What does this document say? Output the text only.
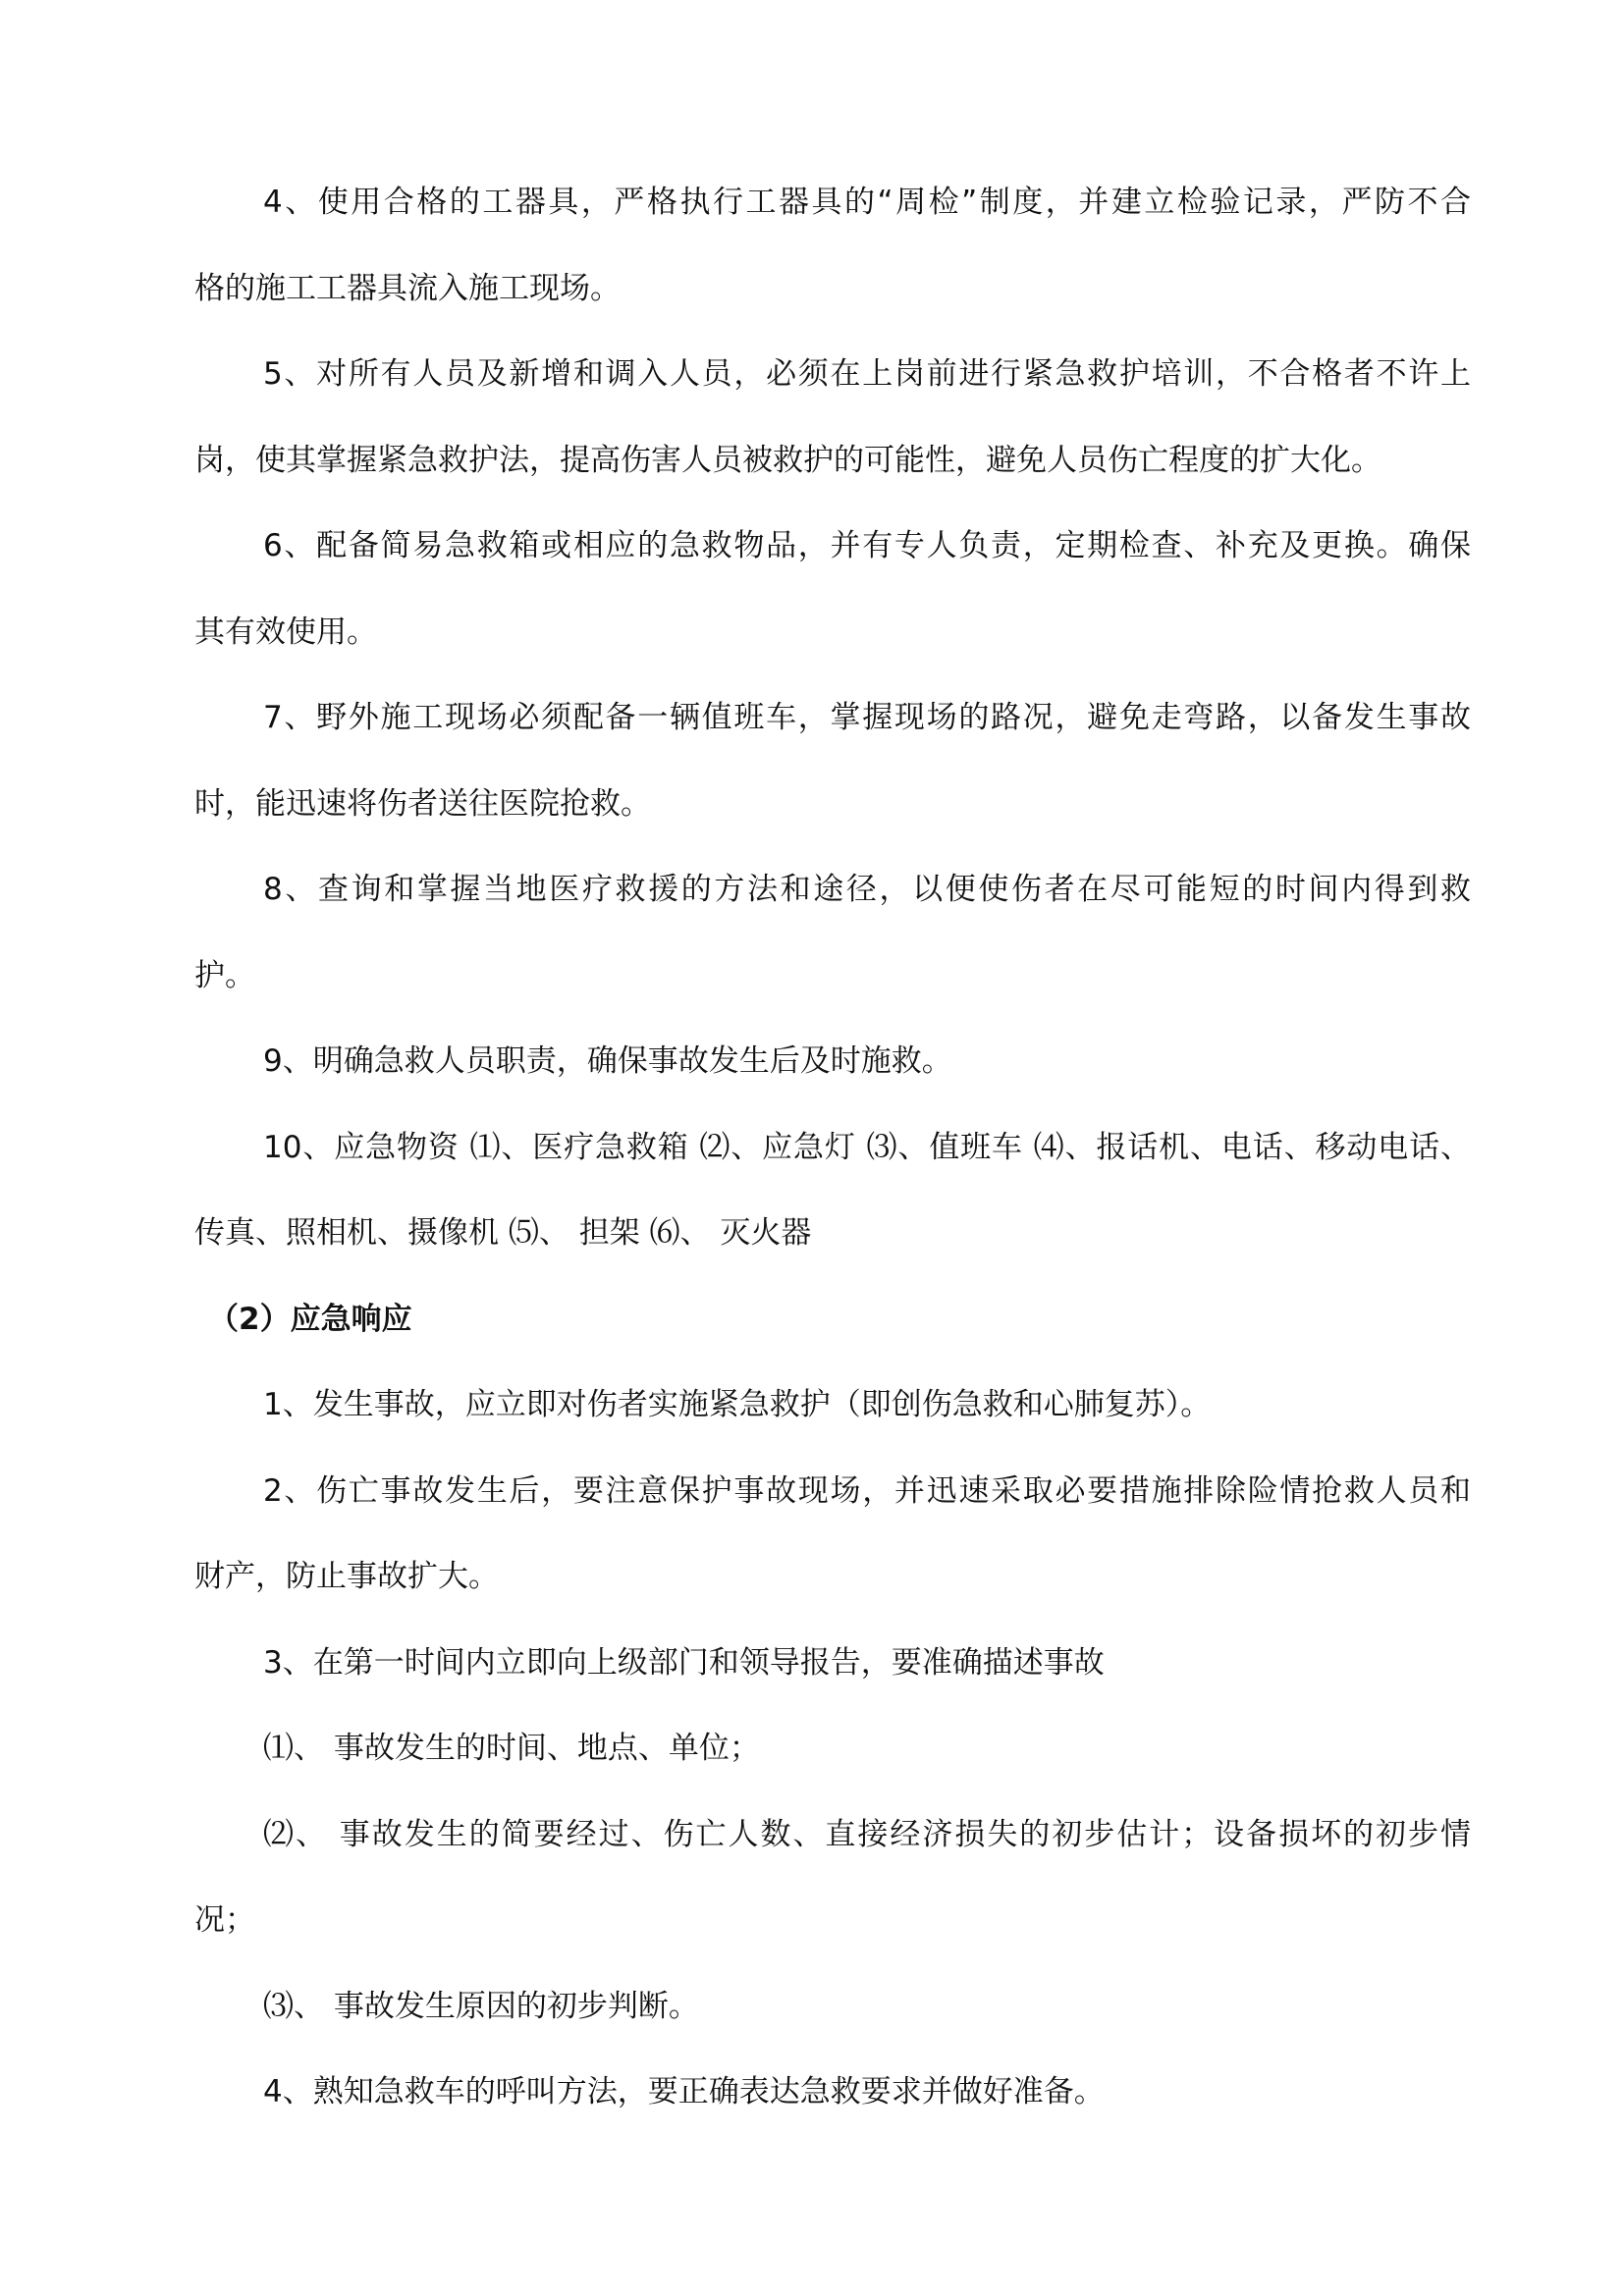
4、使用合格的工器具，严格执行工器具的“周检”制度，并建立检验记录，严防不合
格的施工工器具流入施工现场。
5、对所有人员及新增和调入人员，必须在上岗前进行紧急救护培训，不合格者不许上
岗，使其掌握紧急救护法，提高伤害人员被救护的可能性，避免人员伤亡程度的扩大化。
6、配备简易急救箱或相应的急救物品，并有专人负责，定期检查、补充及更换。确保
其有效使用。
7、野外施工现场必须配备一辆值班车，掌握现场的路况，避免走弯路，以备发生事故
时，能迅速将伤者送往医院抢救。
8、查询和掌握当地医疗救援的方法和途径，以便使伤者在尽可能短的时间内得到救
护。
9、明确急救人员职责，确保事故发生后及时施救。
10、应急物资 ⑴、医疗急救箱 ⑵、应急灯 ⑶、值班车 ⑷、报话机、电话、移动电话、
传真、照相机、摄像机 ⑸、 担架 ⑹、 灭火器
（2）应急响应
1、发生事故，应立即对伤者实施紧急救护（即创伤急救和心肺复苏）。
2、伤亡事故发生后，要注意保护事故现场，并迅速采取必要措施排除险情抢救人员和
财产，防止事故扩大。
3、在第一时间内立即向上级部门和领导报告，要准确描述事故
⑴、 事故发生的时间、地点、单位；
⑵、 事故发生的简要经过、伤亡人数、直接经济损失的初步估计；设备损坏的初步情
况；
⑶、 事故发生原因的初步判断。
4、熟知急救车的呼叫方法，要正确表达急救要求并做好准备。
